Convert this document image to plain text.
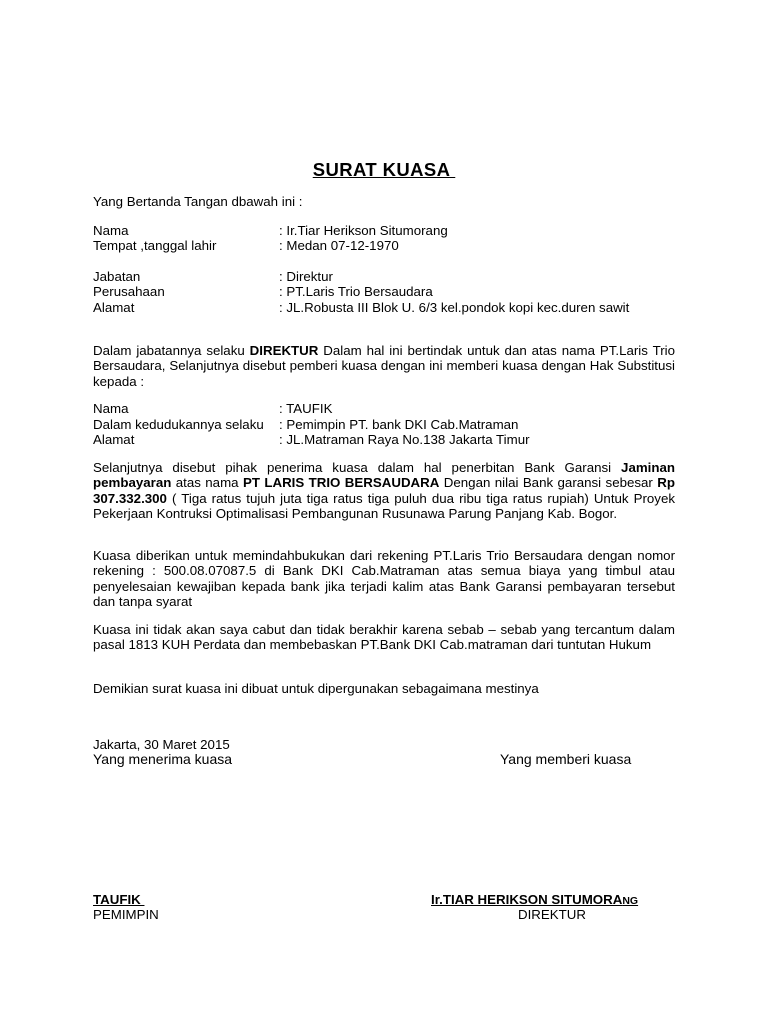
SURAT KUASA
Yang Bertanda Tangan dbawah ini :
Nama	: Ir.Tiar Herikson Situmorang
Tempat ,tanggal lahir	: Medan 07-12-1970
Jabatan	: Direktur
Perusahaan	: PT.Laris Trio Bersaudara
Alamat	: JL.Robusta III Blok U. 6/3 kel.pondok kopi kec.duren sawit
Dalam jabatannya selaku DIREKTUR Dalam hal ini bertindak untuk dan atas nama PT.Laris Trio Bersaudara, Selanjutnya disebut pemberi kuasa dengan ini memberi kuasa dengan Hak Substitusi kepada :
Nama	: TAUFIK
Dalam kedudukannya selaku : Pemimpin PT. bank DKI Cab.Matraman
Alamat	: JL.Matraman Raya No.138 Jakarta Timur
Selanjutnya disebut pihak penerima kuasa dalam hal penerbitan Bank Garansi Jaminan pembayaran atas nama PT LARIS TRIO BERSAUDARA Dengan nilai Bank garansi sebesar Rp 307.332.300 ( Tiga ratus tujuh juta tiga ratus tiga puluh dua ribu tiga ratus rupiah) Untuk Proyek Pekerjaan Kontruksi Optimalisasi Pembangunan Rusunawa Parung Panjang Kab. Bogor.
Kuasa diberikan untuk memindahbukukan dari rekening PT.Laris Trio Bersaudara dengan nomor rekening : 500.08.07087.5 di Bank DKI Cab.Matraman atas semua biaya yang timbul atau penyelesaian kewajiban kepada bank jika terjadi kalim atas Bank Garansi pembayaran tersebut dan tanpa syarat
Kuasa ini tidak akan saya cabut dan tidak berakhir karena sebab – sebab yang tercantum dalam pasal 1813 KUH Perdata dan membebaskan PT.Bank DKI Cab.matraman dari tuntutan Hukum
Demikian surat kuasa ini dibuat untuk dipergunakan sebagaimana mestinya
Jakarta, 30 Maret 2015
Yang menerima kuasa	Yang memberi kuasa
TAUFIK
PEMIMPIN
Ir.TIAR HERIKSON SITUMORANG
DIREKTUR
